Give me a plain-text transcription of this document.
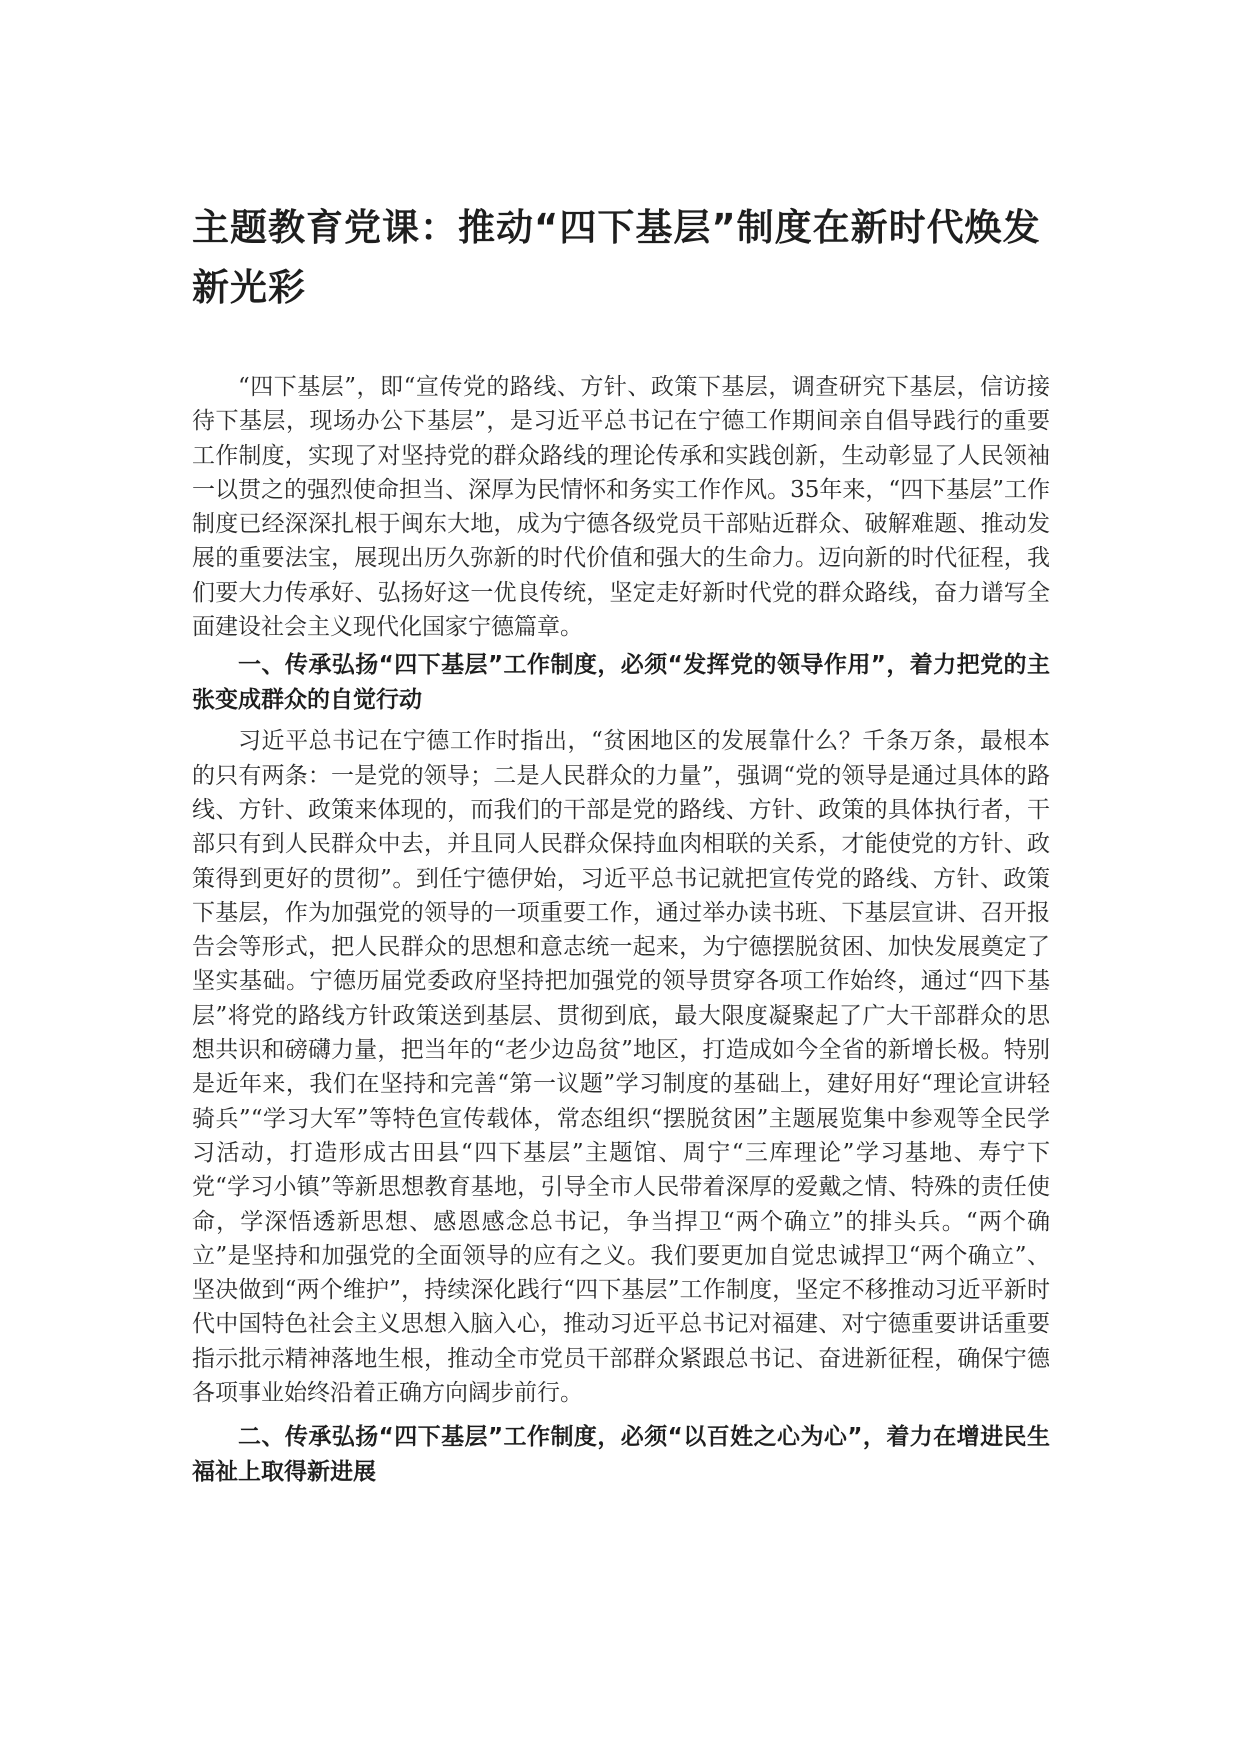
主题教育党课：推动“四下基层”制度在新时代焕发新光彩

“四下基层”，即“宣传党的路线、方针、政策下基层，调查研究下基层，信访接待下基层，现场办公下基层”，是习近平总书记在宁德工作期间亲自倡导践行的重要工作制度，实现了对坚持党的群众路线的理论传承和实践创新，生动彰显了人民领袖一以贯之的强烈使命担当、深厚为民情怀和务实工作作风。35年来，“四下基层”工作制度已经深深扎根于闽东大地，成为宁德各级党员干部贴近群众、破解难题、推动发展的重要法宝，展现出历久弥新的时代价值和强大的生命力。迈向新的时代征程，我们要大力传承好、弘扬好这一优良传统，坚定走好新时代党的群众路线，奋力谱写全面建设社会主义现代化国家宁德篇章。

一、传承弘扬“四下基层”工作制度，必须“发挥党的领导作用”，着力把党的主张变成群众的自觉行动

习近平总书记在宁德工作时指出，“贫困地区的发展靠什么？千条万条，最根本的只有两条：一是党的领导；二是人民群众的力量”，强调“党的领导是通过具体的路线、方针、政策来体现的，而我们的干部是党的路线、方针、政策的具体执行者，干部只有到人民群众中去，并且同人民群众保持血肉相联的关系，才能使党的方针、政策得到更好的贯彻”。到任宁德伊始，习近平总书记就把宣传党的路线、方针、政策下基层，作为加强党的领导的一项重要工作，通过举办读书班、下基层宣讲、召开报告会等形式，把人民群众的思想和意志统一起来，为宁德摆脱贫困、加快发展奠定了坚实基础。宁德历届党委政府坚持把加强党的领导贯穿各项工作始终，通过“四下基层”将党的路线方针政策送到基层、贯彻到底，最大限度凝聚起了广大干部群众的思想共识和磅礴力量，把当年的“老少边岛贫”地区，打造成如今全省的新增长极。特别是近年来，我们在坚持和完善“第一议题”学习制度的基础上，建好用好“理论宣讲轻骑兵”“学习大军”等特色宣传载体，常态组织“摆脱贫困”主题展览集中参观等全民学习活动，打造形成古田县“四下基层”主题馆、周宁“三库理论”学习基地、寿宁下党“学习小镇”等新思想教育基地，引导全市人民带着深厚的爱戴之情、特殊的责任使命，学深悟透新思想、感恩感念总书记，争当捍卫“两个确立”的排头兵。“两个确立”是坚持和加强党的全面领导的应有之义。我们要更加自觉忠诚捍卫“两个确立”、坚决做到“两个维护”，持续深化践行“四下基层”工作制度，坚定不移推动习近平新时代中国特色社会主义思想入脑入心，推动习近平总书记对福建、对宁德重要讲话重要指示批示精神落地生根，推动全市党员干部群众紧跟总书记、奋进新征程，确保宁德各项事业始终沿着正确方向阔步前行。

二、传承弘扬“四下基层”工作制度，必须“以百姓之心为心”，着力在增进民生福祉上取得新进展
